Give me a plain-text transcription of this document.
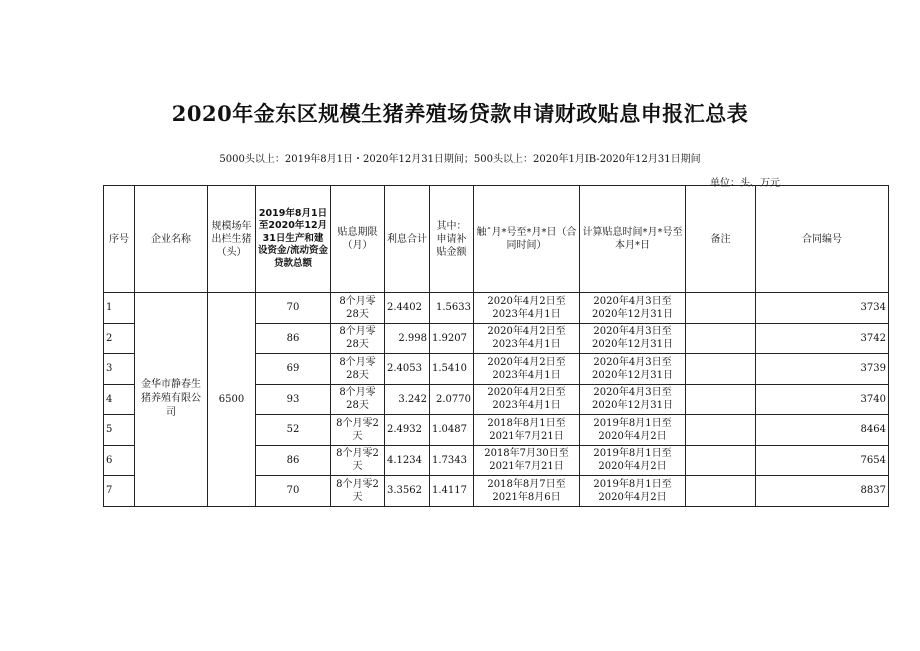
2020年金东区规模生猪养殖场贷款申请财政贴息申报汇总表
5000头以上：2019年8月1日・2020年12月31日期间；500头以上：2020年1月IB-2020年12月31日期间
单位：头、万元
序号	企业名称	规模场年出栏生猪（头）	2019年8月1日至2020年12月31日生产和建设资金/流动资金贷款总额	贴息期限（月）	利息合计	其中：申请补贴金额	触ˆ月*号至*月*日（合同时间）	计算贴息时间*月*号至本月*日	备注	合同编号
1	金华市静春生猪养殖有限公司	6500	70	8个月零28天	2.4402	1.5633	2020年4月2日至2023年4月1日	2020年4月3日至2020年12月31日		3734
2			86	8个月零28天	2.998	1.9207	2020年4月2日至2023年4月1日	2020年4月3日至2020年12月31日		3742
3			69	8个月零28天	2.4053	1.5410	2020年4月2日至2023年4月1日	2020年4月3日至2020年12月31日		3739
4			93	8个月零28天	3.242	2.0770	2020年4月2日至2023年4月1日	2020年4月3日至2020年12月31日		3740
5			52	8个月零2天	2.4932	1.0487	2018年8月1日至2021年7月21日	2019年8月1日至2020年4月2日		8464
6			86	8个月零2天	4.1234	1.7343	2018年7月30日至2021年7月21日	2019年8月1日至2020年4月2日		7654
7			70	8个月零2天	3.3562	1.4117	2018年8月7日至2021年8月6日	2019年8月1日至2020年4月2日		8837
